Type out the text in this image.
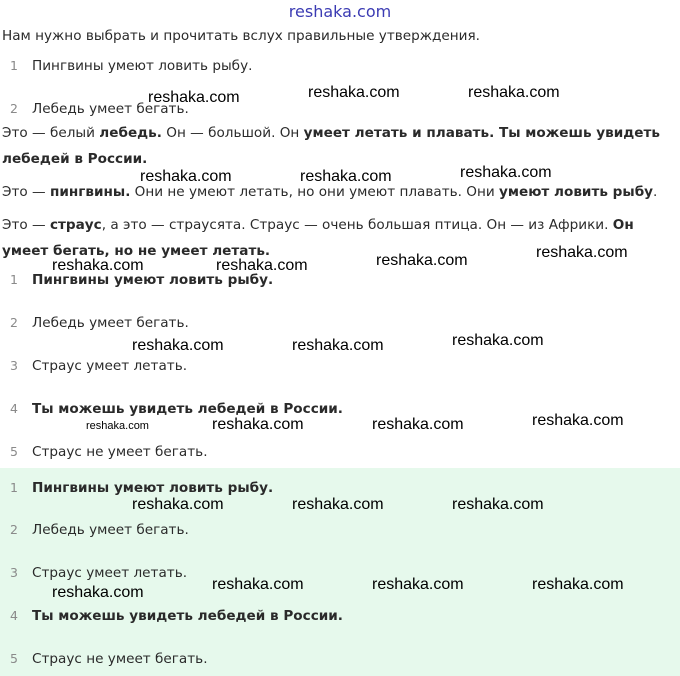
reshaka.com
Нам нужно выбрать и прочитать вслух правильные утверждения.
1 Пингвины умеют ловить рыбу.
2 Лебедь умеет бегать.
Это — белый лебедь. Он — большой. Он умеет летать и плавать. Ты можешь увидеть лебедей в России.
Это — пингвины. Они не умеют летать, но они умеют плавать. Они умеют ловить рыбу.
Это — страус, а это — страусята. Страус — очень большая птица. Он — из Африки. Он умеет бегать, но не умеет летать.
1 Пингвины умеют ловить рыбу.
2 Лебедь умеет бегать.
3 Страус умеет летать.
4 Ты можешь увидеть лебедей в России.
5 Страус не умеет бегать.
1 Пингвины умеют ловить рыбу.
2 Лебедь умеет бегать.
3 Страус умеет летать.
4 Ты можешь увидеть лебедей в России.
5 Страус не умеет бегать.
reshaka.com	reshaka.com	reshaka.com
reshaka.com	reshaka.com	reshaka.com
reshaka.com	reshaka.com	reshaka.com	reshaka.com
reshaka.com	reshaka.com	reshaka.com
reshaka.com	reshaka.com	reshaka.com	reshaka.com
reshaka.com	reshaka.com	reshaka.com
reshaka.com	reshaka.com	reshaka.com
reshaka.com
